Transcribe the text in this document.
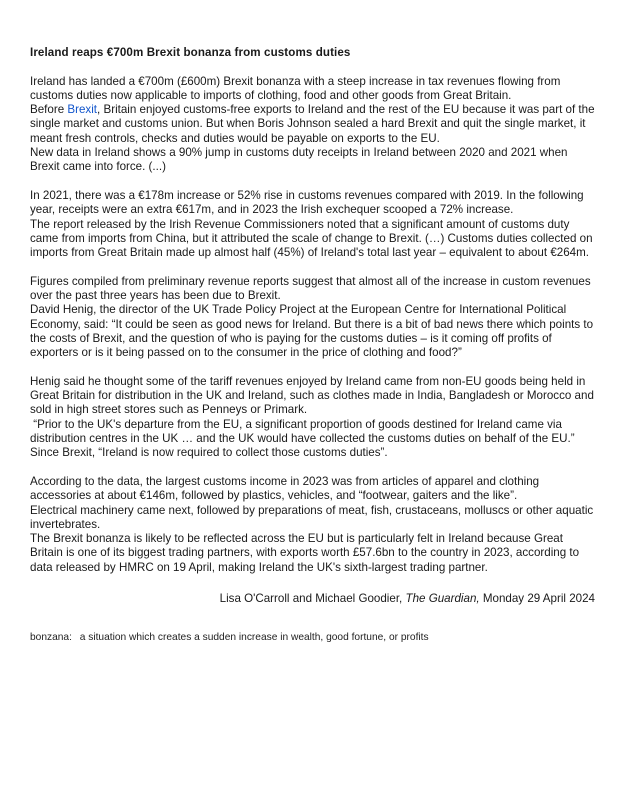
Ireland reaps €700m Brexit bonanza from customs duties

Ireland has landed a €700m (£600m) Brexit bonanza with a steep increase in tax revenues flowing from customs duties now applicable to imports of clothing, food and other goods from Great Britain.

Before Brexit, Britain enjoyed customs-free exports to Ireland and the rest of the EU because it was part of the single market and customs union. But when Boris Johnson sealed a hard Brexit and quit the single market, it meant fresh controls, checks and duties would be payable on exports to the EU.

New data in Ireland shows a 90% jump in customs duty receipts in Ireland between 2020 and 2021 when Brexit came into force. (...)

In 2021, there was a €178m increase or 52% rise in customs revenues compared with 2019. In the following year, receipts were an extra €617m, and in 2023 the Irish exchequer scooped a 72% increase.

The report released by the Irish Revenue Commissioners noted that a significant amount of customs duty came from imports from China, but it attributed the scale of change to Brexit. (…) Customs duties collected on imports from Great Britain made up almost half (45%) of Ireland's total last year – equivalent to about €264m.

Figures compiled from preliminary revenue reports suggest that almost all of the increase in custom revenues over the past three years has been due to Brexit.

David Henig, the director of the UK Trade Policy Project at the European Centre for International Political Economy, said: “It could be seen as good news for Ireland. But there is a bit of bad news there which points to the costs of Brexit, and the question of who is paying for the customs duties – is it coming off profits of exporters or is it being passed on to the consumer in the price of clothing and food?”

Henig said he thought some of the tariff revenues enjoyed by Ireland came from non-EU goods being held in Great Britain for distribution in the UK and Ireland, such as clothes made in India, Bangladesh or Morocco and sold in high street stores such as Penneys or Primark.

“Prior to the UK's departure from the EU, a significant proportion of goods destined for Ireland came via distribution centres in the UK … and the UK would have collected the customs duties on behalf of the EU.”

Since Brexit, “Ireland is now required to collect those customs duties”.

According to the data, the largest customs income in 2023 was from articles of apparel and clothing accessories at about €146m, followed by plastics, vehicles, and “footwear, gaiters and the like”.

Electrical machinery came next, followed by preparations of meat, fish, crustaceans, molluscs or other aquatic invertebrates.

The Brexit bonanza is likely to be reflected across the EU but is particularly felt in Ireland because Great Britain is one of its biggest trading partners, with exports worth £57.6bn to the country in 2023, according to data released by HMRC on 19 April, making Ireland the UK's sixth-largest trading partner.

Lisa O'Carroll and Michael Goodier, The Guardian, Monday 29 April 2024

bonzana: a situation which creates a sudden increase in wealth, good fortune, or profits
